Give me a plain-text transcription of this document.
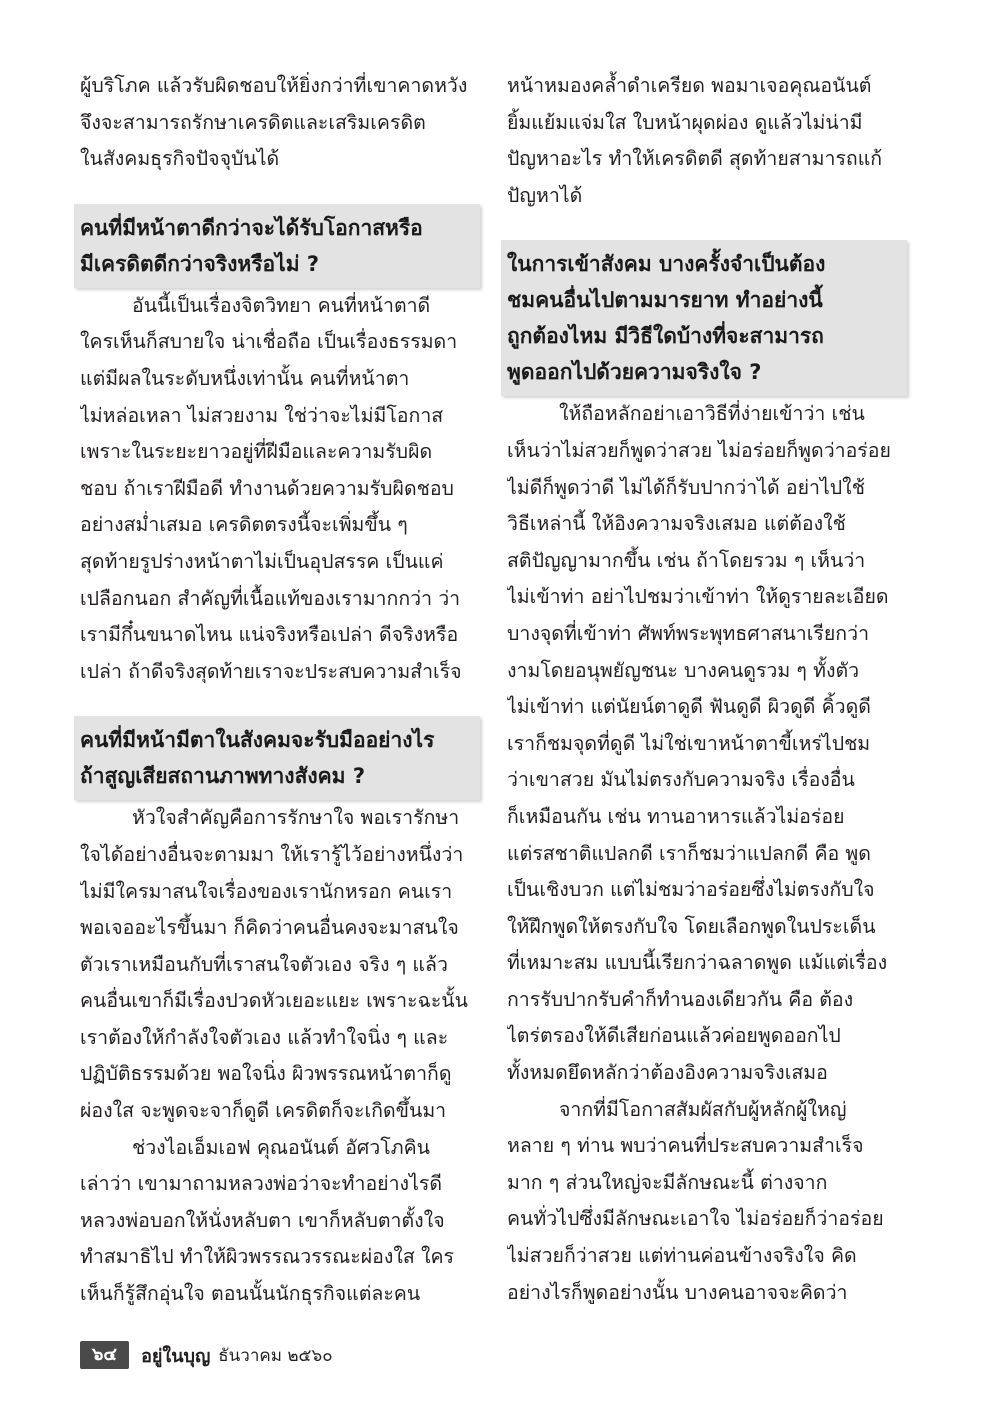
ผู้บริโภค แล้วรับผิดชอบให้ยิ่งกว่าที่เขาคาดหวัง
จึงจะสามารถรักษาเครดิตและเสริมเครดิต
ในสังคมธุรกิจปัจจุบันได้
คนที่มีหน้าตาดีกว่าจะได้รับโอกาสหรือ
มีเครดิตดีกว่าจริงหรือไม่ ?
อันนี้เป็นเรื่องจิตวิทยา คนที่หน้าตาดี
ใครเห็นก็สบายใจ น่าเชื่อถือ เป็นเรื่องธรรมดา
แต่มีผลในระดับหนึ่งเท่านั้น คนที่หน้าตา
ไม่หล่อเหลา ไม่สวยงาม ใช่ว่าจะไม่มีโอกาส
เพราะในระยะยาวอยู่ที่ฝีมือและความรับผิด
ชอบ ถ้าเราฝีมือดี ทำงานด้วยความรับผิดชอบ
อย่างสม่ำเสมอ เครดิตตรงนี้จะเพิ่มขึ้น ๆ
สุดท้ายรูปร่างหน้าตาไม่เป็นอุปสรรค เป็นแค่
เปลือกนอก สำคัญที่เนื้อแท้ของเรามากกว่า ว่า
เรามีกึ๋นขนาดไหน แน่จริงหรือเปล่า ดีจริงหรือ
เปล่า ถ้าดีจริงสุดท้ายเราจะประสบความสำเร็จ
คนที่มีหน้ามีตาในสังคมจะรับมืออย่างไร
ถ้าสูญเสียสถานภาพทางสังคม ?
หัวใจสำคัญคือการรักษาใจ พอเรารักษา
ใจได้อย่างอื่นจะตามมา ให้เรารู้ไว้อย่างหนึ่งว่า
ไม่มีใครมาสนใจเรื่องของเรานักหรอก คนเรา
พอเจออะไรขึ้นมา ก็คิดว่าคนอื่นคงจะมาสนใจ
ตัวเราเหมือนกับที่เราสนใจตัวเอง จริง ๆ แล้ว
คนอื่นเขาก็มีเรื่องปวดหัวเยอะแยะ เพราะฉะนั้น
เราต้องให้กำลังใจตัวเอง แล้วทำใจนิ่ง ๆ และ
ปฏิบัติธรรมด้วย พอใจนิ่ง ผิวพรรณหน้าตาก็ดู
ผ่องใส จะพูดจะจาก็ดูดี เครดิตก็จะเกิดขึ้นมา
ช่วงไอเอ็มเอฟ คุณอนันต์ อัศวโภคิน
เล่าว่า เขามาถามหลวงพ่อว่าจะทำอย่างไรดี
หลวงพ่อบอกให้นั่งหลับตา เขาก็หลับตาตั้งใจ
ทำสมาธิไป ทำให้ผิวพรรณวรรณะผ่องใส ใคร
เห็นก็รู้สึกอุ่นใจ ตอนนั้นนักธุรกิจแต่ละคน
หน้าหมองคล้ำดำเครียด พอมาเจอคุณอนันต์
ยิ้มแย้มแจ่มใส ใบหน้าผุดผ่อง ดูแล้วไม่น่ามี
ปัญหาอะไร ทำให้เครดิตดี สุดท้ายสามารถแก้
ปัญหาได้
ในการเข้าสังคม บางครั้งจำเป็นต้อง
ชมคนอื่นไปตามมารยาท ทำอย่างนี้
ถูกต้องไหม มีวิธีใดบ้างที่จะสามารถ
พูดออกไปด้วยความจริงใจ ?
ให้ถือหลักอย่าเอาวิธีที่ง่ายเข้าว่า เช่น
เห็นว่าไม่สวยก็พูดว่าสวย ไม่อร่อยก็พูดว่าอร่อย
ไม่ดีก็พูดว่าดี ไม่ได้ก็รับปากว่าได้ อย่าไปใช้
วิธีเหล่านี้ ให้อิงความจริงเสมอ แต่ต้องใช้
สติปัญญามากขึ้น เช่น ถ้าโดยรวม ๆ เห็นว่า
ไม่เข้าท่า อย่าไปชมว่าเข้าท่า ให้ดูรายละเอียด
บางจุดที่เข้าท่า ศัพท์พระพุทธศาสนาเรียกว่า
งามโดยอนุพยัญชนะ บางคนดูรวม ๆ ทั้งตัว
ไม่เข้าท่า แต่นัยน์ตาดูดี ฟันดูดี ผิวดูดี คิ้วดูดี
เราก็ชมจุดที่ดูดี ไม่ใช่เขาหน้าตาขี้เหร่ไปชม
ว่าเขาสวย มันไม่ตรงกับความจริง เรื่องอื่น
ก็เหมือนกัน เช่น ทานอาหารแล้วไม่อร่อย
แต่รสชาติแปลกดี เราก็ชมว่าแปลกดี คือ พูด
เป็นเชิงบวก แต่ไม่ชมว่าอร่อยซึ่งไม่ตรงกับใจ
ให้ฝึกพูดให้ตรงกับใจ โดยเลือกพูดในประเด็น
ที่เหมาะสม แบบนี้เรียกว่าฉลาดพูด แม้แต่เรื่อง
การรับปากรับคำก็ทำนองเดียวกัน คือ ต้อง
ไตร่ตรองให้ดีเสียก่อนแล้วค่อยพูดออกไป
ทั้งหมดยึดหลักว่าต้องอิงความจริงเสมอ
จากที่มีโอกาสสัมผัสกับผู้หลักผู้ใหญ่
หลาย ๆ ท่าน พบว่าคนที่ประสบความสำเร็จ
มาก ๆ ส่วนใหญ่จะมีลักษณะนี้ ต่างจาก
คนทั่วไปซึ่งมีลักษณะเอาใจ ไม่อร่อยก็ว่าอร่อย
ไม่สวยก็ว่าสวย แต่ท่านค่อนข้างจริงใจ คิด
อย่างไรก็พูดอย่างนั้น บางคนอาจจะคิดว่า
๖๔	อยู่ในบุญ ธันวาคม ๒๕๖๐
